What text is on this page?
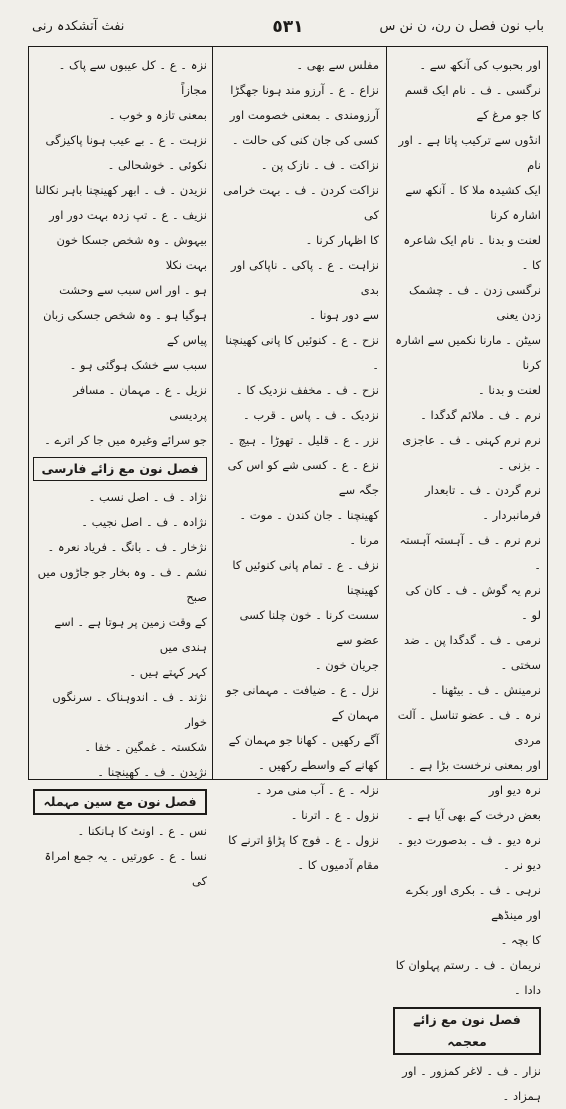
باب نون فصل ن رن، ن نن س
٥٣١
نفث آتشکدہ رنی
اور بحبوب کی آنکھ سے ۔
نرگسی ۔ ف ۔ نام ایک قسم کا جو مرغ کے
انڈوں سے ترکیب پاتا ہے ۔ اور نام
ایک کشیدہ ملا کا ۔ آنکھ سے اشارہ کرنا
لعنت و بدنا ۔ نام ایک شاعرہ کا ۔
نرگسی زدن ۔ ف ۔ چشمک زدن یعنی
سیٹن ۔ مارنا نکمیں سے اشارہ کرنا
لعنت و بدنا ۔
نرم ۔ ف ۔ ملائم گدگدا ۔
نرم نرم کہنی ۔ ف ۔ عاجزی ۔ بزنی ۔
نرم گردن ۔ ف ۔ تابعدار فرمانبردار ۔
نرم نرم ۔ ف ۔ آہستہ آہستہ ۔
نرم یہ گوش ۔ ف ۔ کان کی لو ۔
نرمی ۔ ف ۔ گدگدا پن ۔ ضد سختی ۔
نرمینش ۔ ف ۔ بیٹھنا ۔
نرہ ۔ ف ۔ عضو تناسل ۔ آلت مردی
اور بمعنی نرخست بڑا ہے ۔ نرہ دیو اور
بعض درخت کے بھی آیا ہے ۔
نرہ دیو ۔ ف ۔ بدصورت دیو ۔
دیو نر ۔
نرہی ۔ ف ۔ بکری اور بکرے اور مینڈھے
کا بچہ ۔
نریمان ۔ ف ۔ رستم پہلوان کا دادا ۔
فصل نون مع زائے معجمہ
نزار ۔ ف ۔ لاغر کمزور ۔ اور ہمزاد ۔
مفلس سے بھی ۔
نزاع ۔ ع ۔ آرزو مند ہونا جھگڑا
آرزومندی ۔ بمعنی خصومت اور
کسی کی جان کنی کی حالت ۔
نزاکت ۔ ف ۔ نازک پن ۔
نزاکت کردن ۔ ف ۔ بہت خرامی کی
کا اظہار کرنا ۔
نزاہت ۔ ع ۔ پاکی ۔ ناپاکی اور بدی
سے دور ہونا ۔
نزح ۔ ع ۔ کنوئیں کا پانی کھینچنا ۔
نزح ۔ ف ۔ مخفف نزدیک کا ۔
نزدیک ۔ ف ۔ پاس ۔ قرب ۔
نزر ۔ ع ۔ قلیل ۔ تھوڑا ۔ ہیچ ۔
نزع ۔ ع ۔ کسی شے کو اس کی جگہ سے
کھینچنا ۔ جان کندن ۔ موت ۔ مرنا ۔
نزف ۔ ع ۔ تمام پانی کنوئیں کا کھینچنا
سست کرنا ۔ خون چلنا کسی عضو سے
جریان خون ۔
نزل ۔ ع ۔ ضیافت ۔ مہمانی جو مہمان کے
آگے رکھیں ۔ کھانا جو مہمان کے
کھانے کے واسطے رکھیں ۔
نزلہ ۔ ع ۔ آب منی مرد ۔
نزول ۔ ع ۔ اترنا ۔
نزول ۔ ع ۔ فوج کا پڑاؤ اترنے کا
مقام آدمیوں کا ۔
نزہ ۔ ع ۔ کل عیبوں سے پاک ۔ مجازاً
بمعنی تازہ و خوب ۔
نزہت ۔ ع ۔ بے عیب ہونا پاکیزگی
نکوئی ۔ خوشحالی ۔
نزیدن ۔ ف ۔ ابھر کھینچنا باہر نکالنا
نزیف ۔ ع ۔ تپ زدہ بہت دور اور
بیہوش ۔ وہ شخص جسکا خون بہت نکلا
ہو ۔ اور اس سبب سے وحشت
ہوگیا ہو ۔ وہ شخص جسکی زبان پیاس کے
سبب سے خشک ہوگئی ہو ۔
نزیل ۔ ع ۔ مہمان ۔ مسافر پردیسی
جو سرائے وغیرہ میں جا کر اترے ۔
فصل نون مع زائے فارسی
نژاد ۔ ف ۔ اصل نسب ۔
نژادہ ۔ ف ۔ اصل نجیب ۔
نژخار ۔ ف ۔ بانگ ۔ فریاد نعرہ ۔
نشم ۔ ف ۔ وہ بخار جو جاڑوں میں صبح
کے وقت زمین پر ہوتا ہے ۔ اسے ہندی میں
کہر کہتے ہیں ۔
نژند ۔ ف ۔ اندوہناک ۔ سرنگوں خوار
شکستہ ۔ غمگین ۔ خفا ۔
نژیدن ۔ ف ۔ کھینچنا ۔
فصل نون مع سین مہملہ
نس ۔ ع ۔ اونٹ کا ہانکنا ۔
نسا ۔ ع ۔ عورتیں ۔ یہ جمع امراۃ کی
